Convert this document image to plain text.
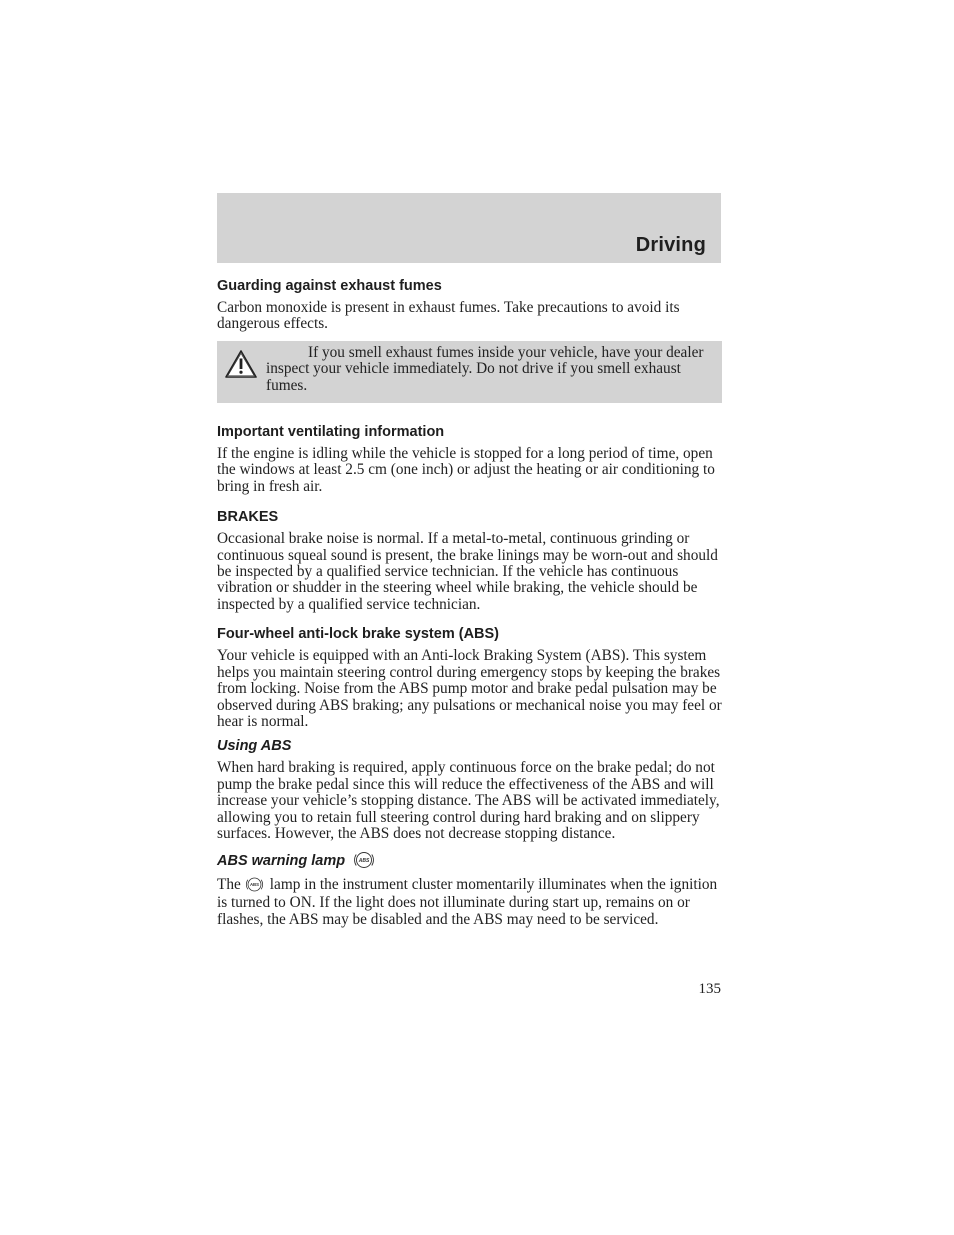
Driving
Guarding against exhaust fumes
Carbon monoxide is present in exhaust fumes. Take precautions to avoid its dangerous effects.
If you smell exhaust fumes inside your vehicle, have your dealer inspect your vehicle immediately. Do not drive if you smell exhaust fumes.
Important ventilating information
If the engine is idling while the vehicle is stopped for a long period of time, open the windows at least 2.5 cm (one inch) or adjust the heating or air conditioning to bring in fresh air.
BRAKES
Occasional brake noise is normal. If a metal-to-metal, continuous grinding or continuous squeal sound is present, the brake linings may be worn-out and should be inspected by a qualified service technician. If the vehicle has continuous vibration or shudder in the steering wheel while braking, the vehicle should be inspected by a qualified service technician.
Four-wheel anti-lock brake system (ABS)
Your vehicle is equipped with an Anti-lock Braking System (ABS). This system helps you maintain steering control during emergency stops by keeping the brakes from locking. Noise from the ABS pump motor and brake pedal pulsation may be observed during ABS braking; any pulsations or mechanical noise you may feel or hear is normal.
Using ABS
When hard braking is required, apply continuous force on the brake pedal; do not pump the brake pedal since this will reduce the effectiveness of the ABS and will increase your vehicle’s stopping distance. The ABS will be activated immediately, allowing you to retain full steering control during hard braking and on slippery surfaces. However, the ABS does not decrease stopping distance.
ABS warning lamp	ABS
The ABS lamp in the instrument cluster momentarily illuminates when the ignition is turned to ON. If the light does not illuminate during start up, remains on or flashes, the ABS may be disabled and the ABS may need to be serviced.
135
